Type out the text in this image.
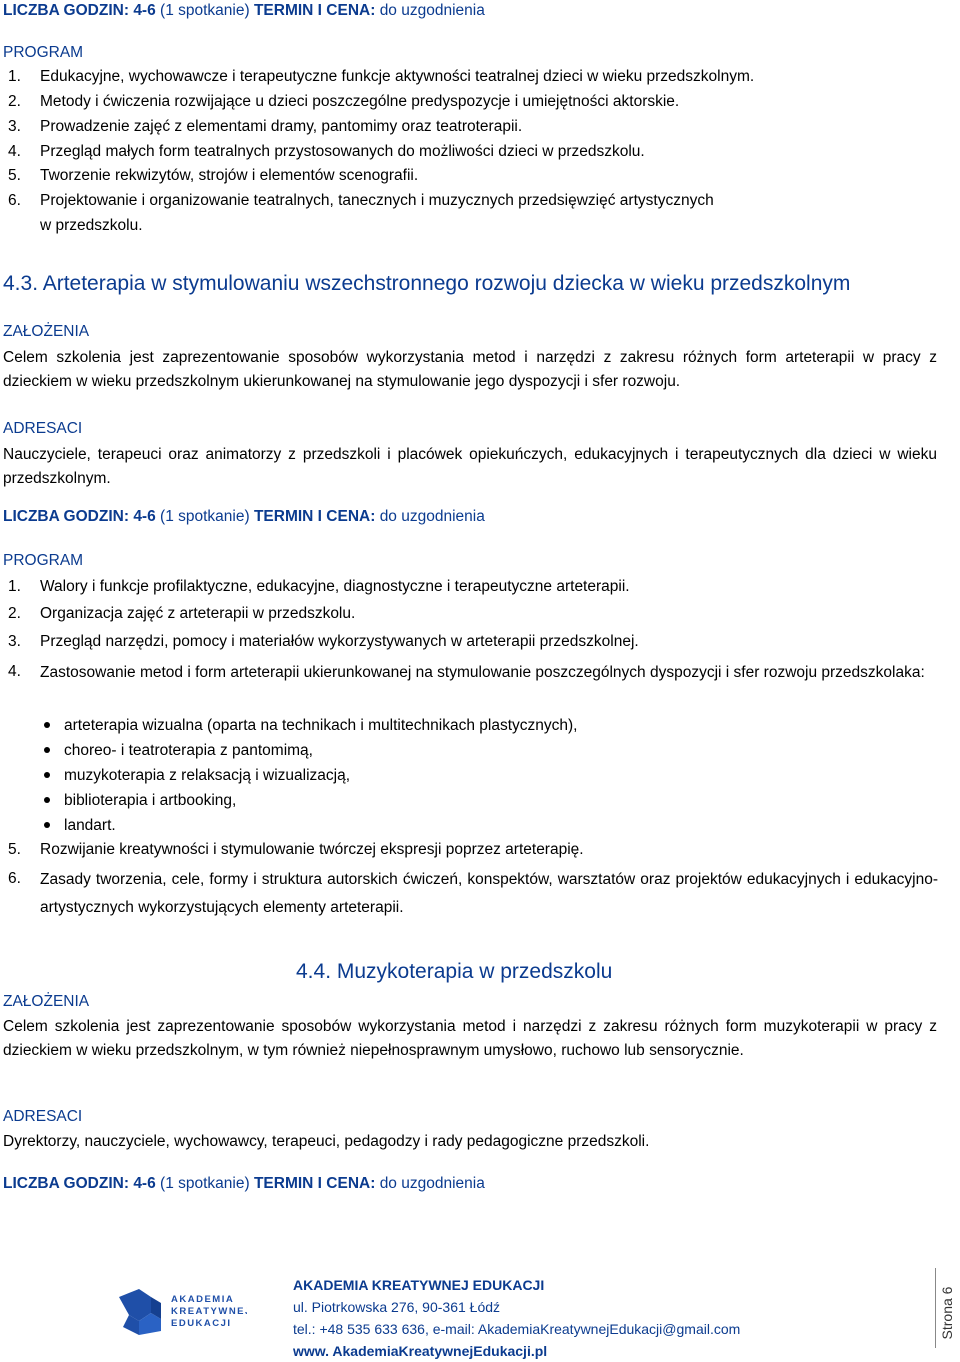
LICZBA GODZIN: 4-6 (1 spotkanie) TERMIN I CENA: do uzgodnienia
PROGRAM
1. Edukacyjne, wychowawcze i terapeutyczne funkcje aktywności teatralnej dzieci w wieku przedszkolnym.
2. Metody i ćwiczenia rozwijające u dzieci poszczególne predyspozycje i umiejętności aktorskie.
3. Prowadzenie zajęć z elementami dramy, pantomimy oraz teatroterapii.
4. Przegląd małych form teatralnych przystosowanych do możliwości dzieci w przedszkolu.
5. Tworzenie rekwizytów, strojów i elementów scenografii.
6. Projektowanie i organizowanie teatralnych, tanecznych i muzycznych przedsięwzięć artystycznych
w przedszkolu.
4.3. Arteterapia w stymulowaniu wszechstronnego rozwoju dziecka w wieku przedszkolnym
ZAŁOŻENIA
Celem szkolenia jest zaprezentowanie sposobów wykorzystania metod i narzędzi z zakresu różnych form arteterapii w pracy z dzieckiem w wieku przedszkolnym ukierunkowanej na stymulowanie jego dyspozycji i sfer rozwoju.
ADRESACI
Nauczyciele, terapeuci oraz animatorzy z przedszkoli i placówek opiekuńczych, edukacyjnych i terapeutycznych dla dzieci w wieku przedszkolnym.
LICZBA GODZIN: 4-6 (1 spotkanie) TERMIN I CENA: do uzgodnienia
PROGRAM
1. Walory i funkcje profilaktyczne, edukacyjne, diagnostyczne i terapeutyczne arteterapii.
2. Organizacja zajęć z arteterapii w przedszkolu.
3. Przegląd narzędzi, pomocy i materiałów wykorzystywanych w arteterapii przedszkolnej.
4. Zastosowanie metod i form arteterapii ukierunkowanej na stymulowanie poszczególnych dyspozycji i sfer rozwoju przedszkolaka:
arteterapia wizualna (oparta na technikach i multitechnikach plastycznych),
choreo- i teatroterapia z pantomimą,
muzykoterapia z relaksacją i wizualizacją,
biblioterapia i artbooking,
landart.
5. Rozwijanie kreatywności i stymulowanie twórczej ekspresji poprzez arteterapię.
6. Zasady tworzenia, cele, formy i struktura autorskich ćwiczeń, konspektów, warsztatów oraz projektów edukacyjnych i edukacyjno-artystycznych wykorzystujących elementy arteterapii.
4.4. Muzykoterapia w przedszkolu
ZAŁOŻENIA
Celem szkolenia jest zaprezentowanie sposobów wykorzystania metod i narzędzi z zakresu różnych form muzykoterapii w pracy z dzieckiem w wieku przedszkolnym, w tym również niepełnosprawnym umysłowo, ruchowo lub sensorycznie.
ADRESACI
Dyrektorzy, nauczyciele, wychowawcy, terapeuci, pedagodzy i rady pedagogiczne przedszkoli.
LICZBA GODZIN: 4-6 (1 spotkanie) TERMIN I CENA: do uzgodnienia
AKADEMIA
KREATYWNEJ
EDUKACJI
AKADEMIA KREATYWNEJ EDUKACJI
ul. Piotrkowska 276, 90-361 Łódź
tel.: +48 535 633 636, e-mail: AkademiaKreatywnejEdukacji@gmail.com
www. AkademiaKreatywnejEdukacji.pl
Strona 6
